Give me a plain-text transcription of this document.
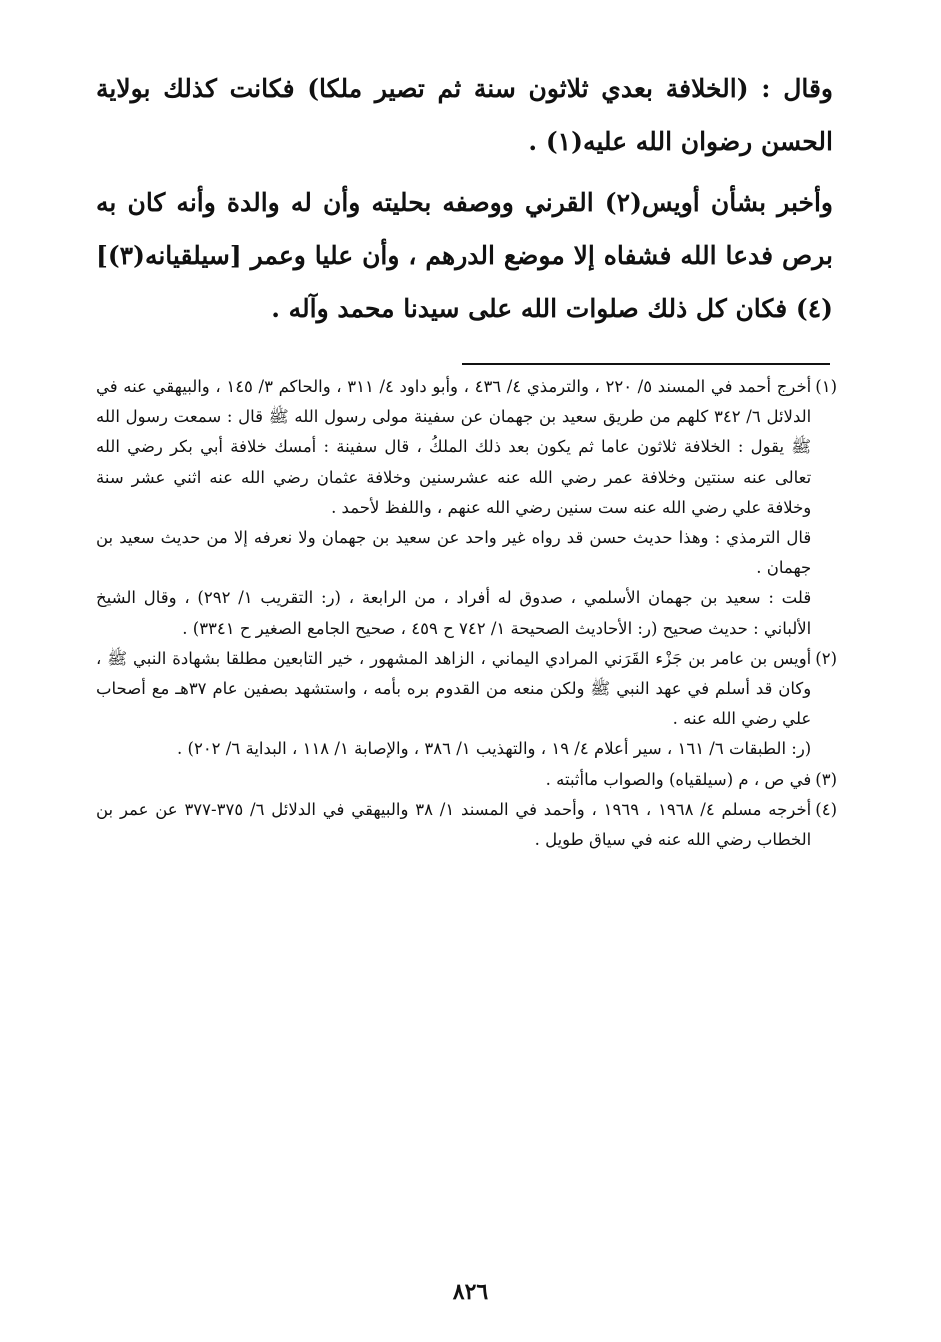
وقال : (الخلافة بعدي ثلاثون سنة ثم تصير ملكا) فكانت كذلك بولاية الحسن رضوان الله عليه(١) .

وأخبر بشأن أويس(٢) القرني ووصفه بحليته وأن له والدة وأنه كان به برص فدعا الله فشفاه إلا موضع الدرهم ، وأن عليا وعمر [سيلقيانه(٣)](٤) فكان كل ذلك صلوات الله على سيدنا محمد وآله .

(١)

أخرج أحمد في المسند ٥/ ٢٢٠ ، والترمذي ٤/ ٤٣٦ ، وأبو داود ٤/ ٣١١ ، والحاكم ٣/ ١٤٥ ، والبيهقي عنه في الدلائل ٦/ ٣٤٢ كلهم من طريق سعيد بن جهمان عن سفينة مولى رسول الله ﷺ قال : سمعت رسول الله ﷺ يقول : الخلافة ثلاثون عاما ثم يكون بعد ذلك الملكُ ، قال سفينة : أمسك خلافة أبي بكر رضي الله تعالى عنه سنتين وخلافة عمر رضي الله عنه عشرسنين وخلافة عثمان رضي الله عنه اثني عشر سنة وخلافة علي رضي الله عنه ست سنين رضي الله عنهم ، واللفظ لأحمد .

قال الترمذي : وهذا حديث حسن قد رواه غير واحد عن سعيد بن جهمان ولا نعرفه إلا من حديث سعيد بن جهمان .

قلت : سعيد بن جهمان الأسلمي ، صدوق له أفراد ، من الرابعة ، (ر: التقريب ١/ ٢٩٢) ، وقال الشيخ الألباني : حديث صحيح (ر: الأحاديث الصحيحة ١/ ٧٤٢ ح ٤٥٩ ، صحيح الجامع الصغير ح ٣٣٤١) .

(٢)

أويس بن عامر بن جَزْء القَرَني المرادي اليماني ، الزاهد المشهور ، خير التابعين مطلقا بشهادة النبي ﷺ ، وكان قد أسلم في عهد النبي ﷺ ولكن منعه من القدوم بره بأمه ، واستشهد بصفين عام ٣٧هـ مع أصحاب علي رضي الله عنه .

(ر: الطبقات ٦/ ١٦١ ، سير أعلام ٤/ ١٩ ، والتهذيب ١/ ٣٨٦ ، والإصابة ١/ ١١٨ ، البداية ٦/ ٢٠٢) .

(٣)

في ص ، م (سيلقياه) والصواب ماأثبته .

(٤)

أخرجه مسلم ٤/ ١٩٦٨ ، ١٩٦٩ ، وأحمد في المسند ١/ ٣٨ والبيهقي في الدلائل ٦/ ٣٧٥-٣٧٧ عن عمر بن الخطاب رضي الله عنه في سياق طويل .

٨٢٦
